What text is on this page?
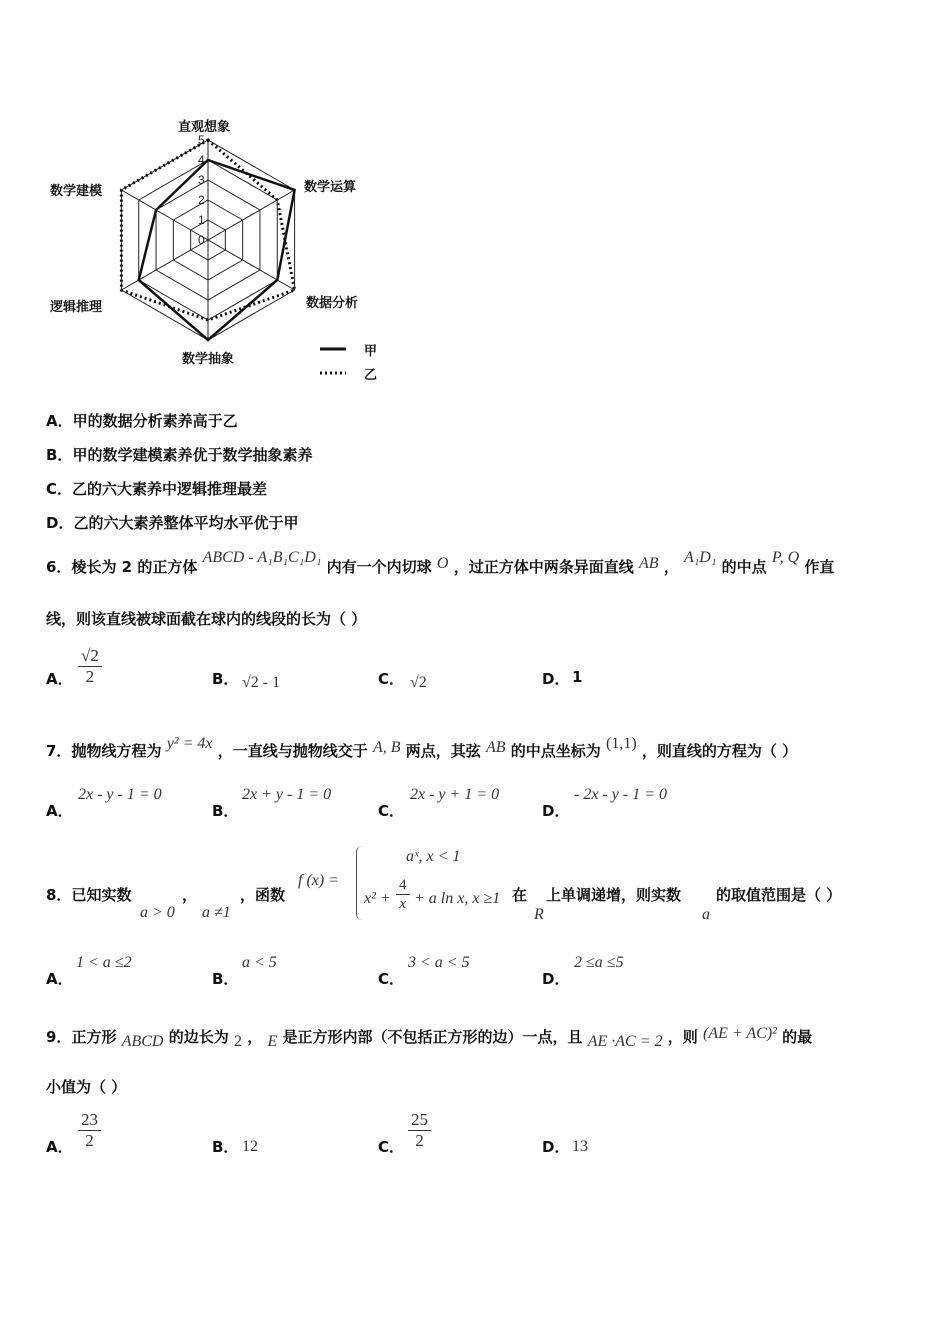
0
1
2
3
4
5
直观想象
数学运算
数据分析
数学抽象
逻辑推理
数学建模
甲
乙
A．甲的数据分析素养高于乙
B．甲的数学建模素养优于数学抽象素养
C．乙的六大素养中逻辑推理最差
D．乙的六大素养整体平均水平优于甲
6．棱长为 2 的正方体 ABCD - A₁B₁C₁D₁ 内有一个内切球 O ，过正方体中两条异面直线 AB ， A₁D₁ 的中点 P, Q 作直
线，则该直线被球面截在球内的线段的长为（ ）
A． $\frac{√2}{2}$	B． √2 - 1	C． √2	D． 1
7．抛物线方程为 y² = 4x ，一直线与抛物线交于 A, B 两点，其弦 AB 的中点坐标为 (1,1) ，则直线的方程为（ ）
A．
2x - y - 1 = 0
B．
2x + y - 1 = 0
C．
2x - y + 1 = 0
D．
- 2x - y - 1 = 0
8．已知实数	，	，函数
a > 0 a ≠1
f (x) =
aˣ, x < 1
$x^2 + \frac{4}{x} + a$ ln x, x ≥1 在
R
上单调递增，则实数
a
的取值范围是（ ）
A．
1 < a ≤2
B．
a < 5
C．
3 < a < 5
D．
2 ≤a ≤5
9．正方形 ABCD 的边长为 2 ， E 是正方形内部（不包括正方形的边）一点，且 AE ·AC = 2 ，则 (AE + AC)² 的最
小值为（ ）
A． $\frac{23}{2}$	B． 12	C． $\frac{25}{2}$	D． 13
